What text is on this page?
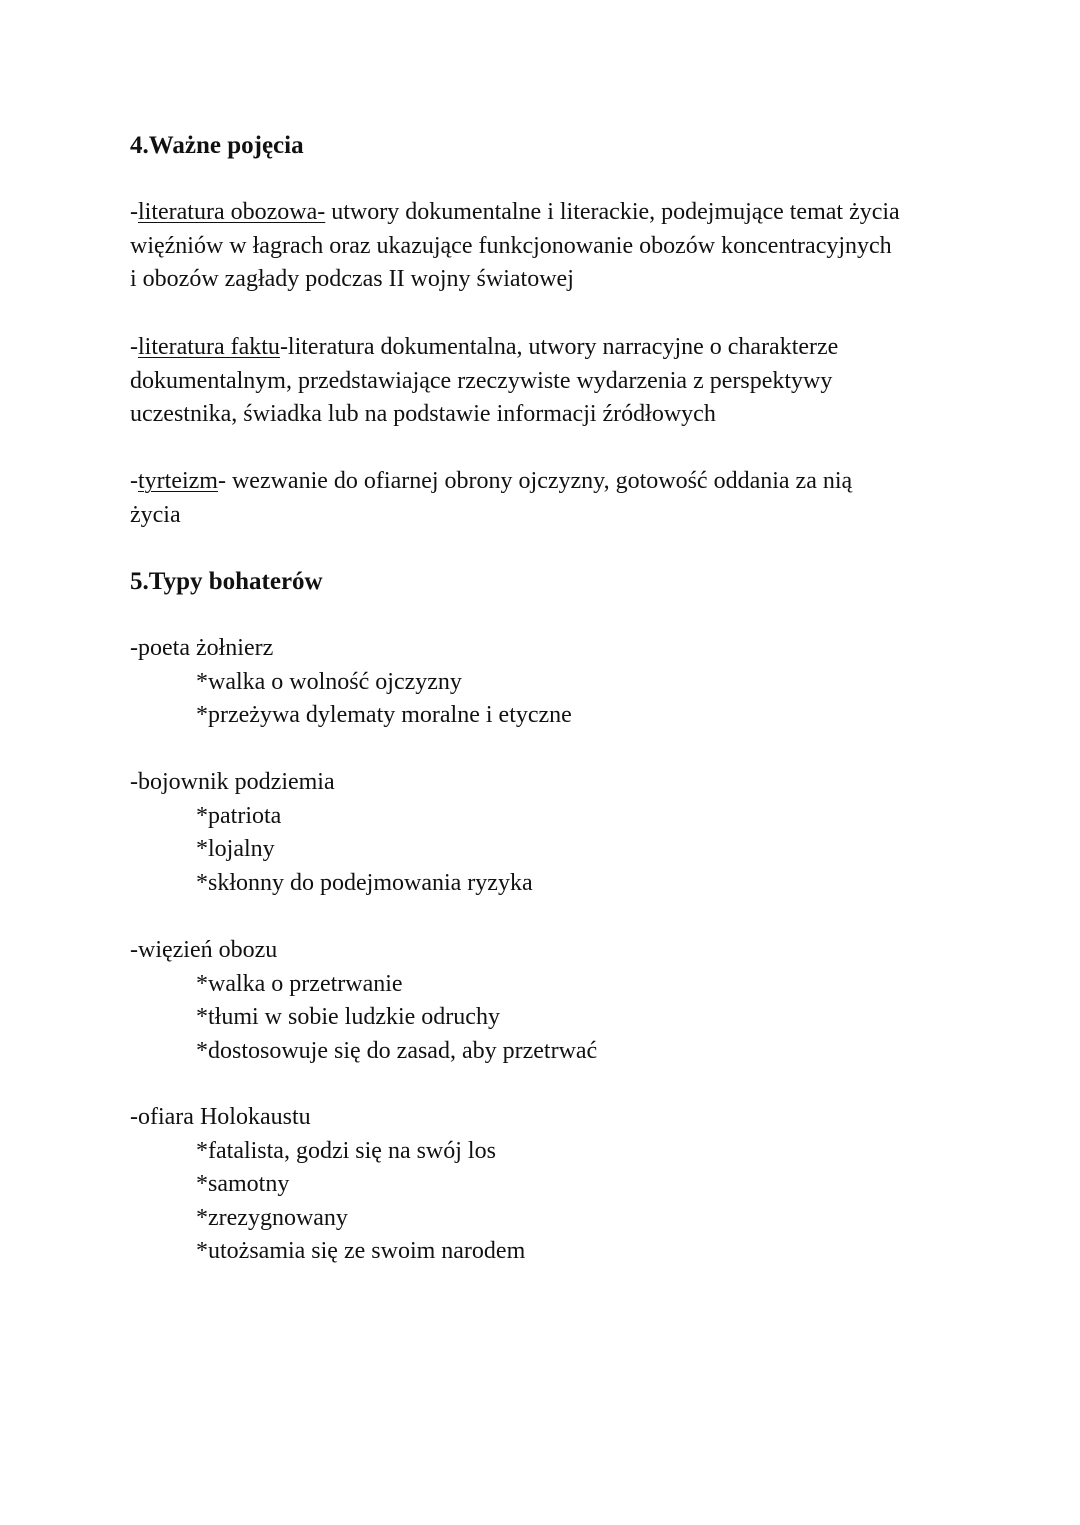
4.Ważne pojęcia

-literatura obozowa- utwory dokumentalne i literackie, podejmujące temat życia
więźniów w łagrach oraz ukazujące funkcjonowanie obozów koncentracyjnych
i obozów zagłady podczas II wojny światowej

-literatura faktu-literatura dokumentalna, utwory narracyjne o charakterze
dokumentalnym, przedstawiające rzeczywiste wydarzenia z perspektywy
uczestnika, świadka lub na podstawie informacji źródłowych

-tyrteizm- wezwanie do ofiarnej obrony ojczyzny, gotowość oddania za nią
życia

5.Typy bohaterów
-poeta żołnierz
*walka o wolność ojczyzny
*przeżywa dylematy moralne i etyczne
-bojownik podziemia
*patriota
*lojalny
*skłonny do podejmowania ryzyka
-więzień obozu
*walka o przetrwanie
*tłumi w sobie ludzkie odruchy
*dostosowuje się do zasad, aby przetrwać
-ofiara Holokaustu
*fatalista, godzi się na swój los
*samotny
*zrezygnowany
*utożsamia się ze swoim narodem
